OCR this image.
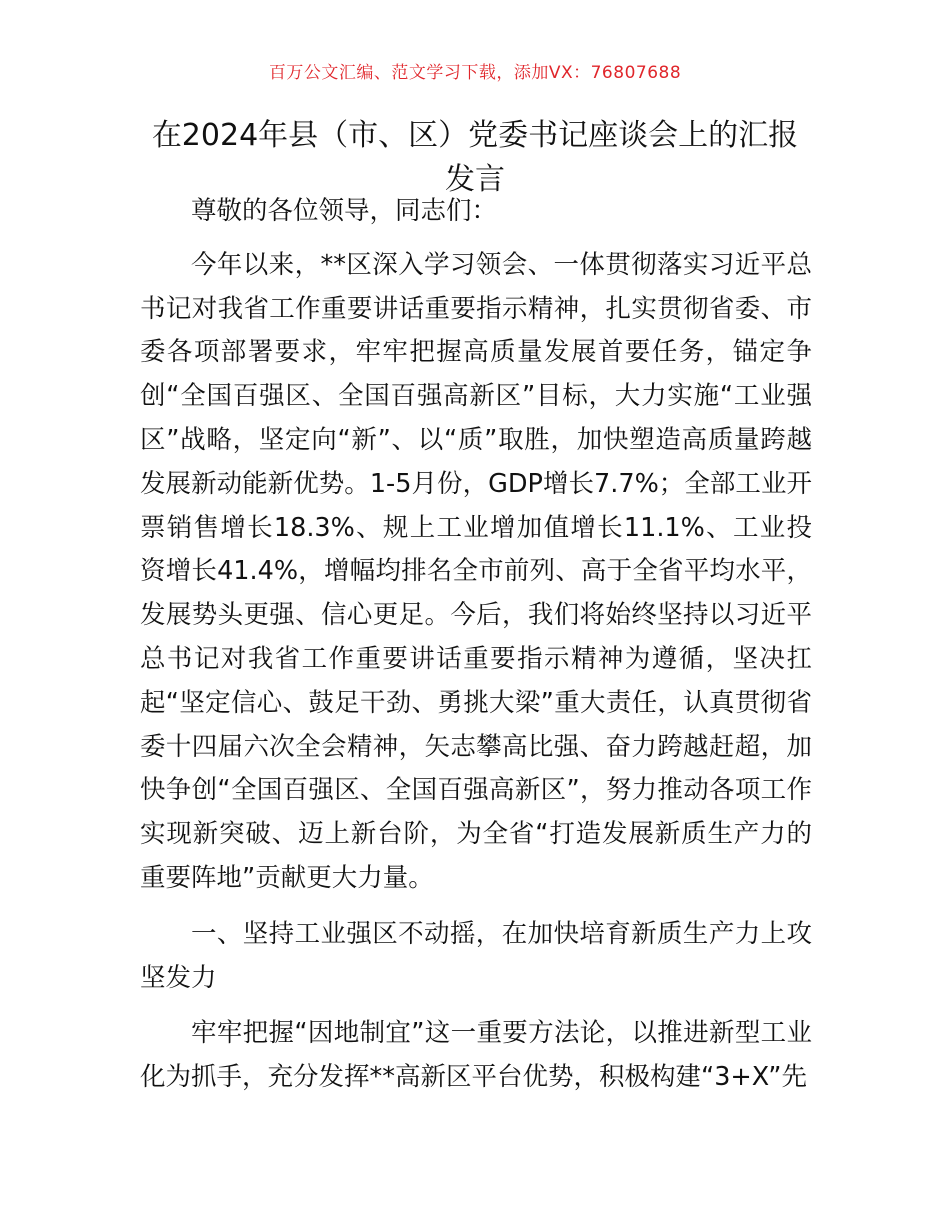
百万公文汇编、范文学习下载，添加VX：76807688
在2024年县（市、区）党委书记座谈会上的汇报发言

尊敬的各位领导，同志们：

今年以来，**区深入学习领会、一体贯彻落实习近平总书记对我省工作重要讲话重要指示精神，扎实贯彻省委、市委各项部署要求，牢牢把握高质量发展首要任务，锚定争创“全国百强区、全国百强高新区”目标，大力实施“工业强区”战略，坚定向“新”、以“质”取胜，加快塑造高质量跨越发展新动能新优势。1-5月份，GDP增长7.7%；全部工业开票销售增长18.3%、规上工业增加值增长11.1%、工业投资增长41.4%，增幅均排名全市前列、高于全省平均水平，发展势头更强、信心更足。今后，我们将始终坚持以习近平总书记对我省工作重要讲话重要指示精神为遵循，坚决扛起“坚定信心、鼓足干劲、勇挑大梁”重大责任，认真贯彻省委十四届六次全会精神，矢志攀高比强、奋力跨越赶超，加快争创“全国百强区、全国百强高新区”，努力推动各项工作实现新突破、迈上新台阶，为全省“打造发展新质生产力的重要阵地”贡献更大力量。

一、坚持工业强区不动摇，在加快培育新质生产力上攻坚发力

牢牢把握“因地制宜”这一重要方法论，以推进新型工业化为抓手，充分发挥**高新区平台优势，积极构建“3+X”先
